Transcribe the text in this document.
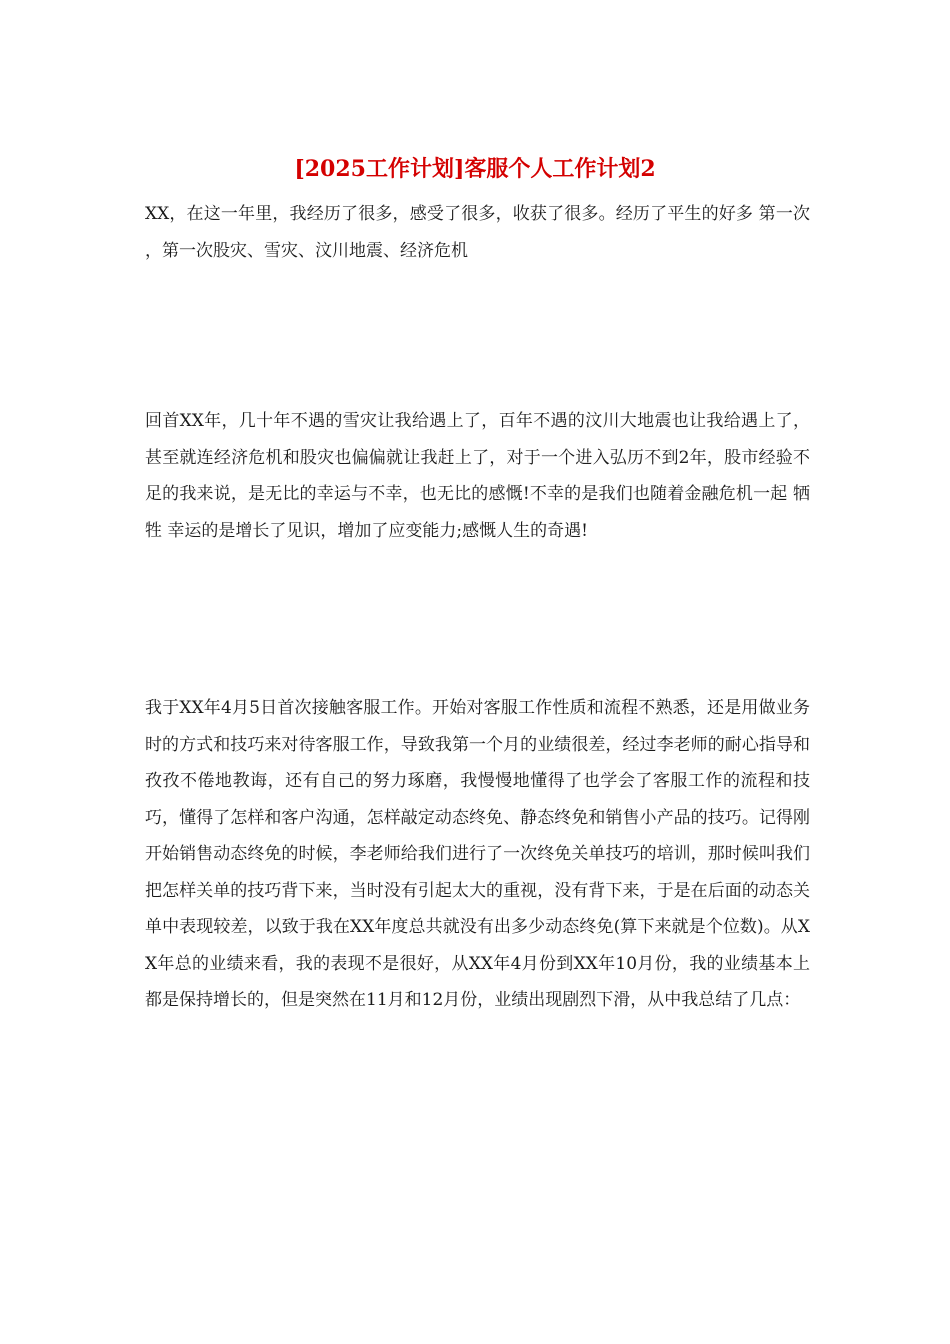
[2025工作计划]客服个人工作计划2

XX，在这一年里，我经历了很多，感受了很多，收获了很多。经历了平生的好多 第一次 ，第一次股灾、雪灾、汶川地震、经济危机

回首XX年，几十年不遇的雪灾让我给遇上了，百年不遇的汶川大地震也让我给遇上了，甚至就连经济危机和股灾也偏偏就让我赶上了，对于一个进入弘历不到2年，股市经验不足的我来说，是无比的幸运与不幸，也无比的感慨!不幸的是我们也随着金融危机一起 牺牲 幸运的是增长了见识，增加了应变能力;感慨人生的奇遇!

我于XX年4月5日首次接触客服工作。开始对客服工作性质和流程不熟悉，还是用做业务时的方式和技巧来对待客服工作，导致我第一个月的业绩很差，经过李老师的耐心指导和孜孜不倦地教诲，还有自己的努力琢磨，我慢慢地懂得了也学会了客服工作的流程和技巧，懂得了怎样和客户沟通，怎样敲定动态终免、静态终免和销售小产品的技巧。记得刚开始销售动态终免的时候，李老师给我们进行了一次终免关单技巧的培训，那时候叫我们把怎样关单的技巧背下来，当时没有引起太大的重视，没有背下来，于是在后面的动态关单中表现较差，以致于我在XX年度总共就没有出多少动态终免(算下来就是个位数)。从XX年总的业绩来看，我的表现不是很好，从XX年4月份到XX年10月份，我的业绩基本上都是保持增长的，但是突然在11月和12月份，业绩出现剧烈下滑，从中我总结了几点：
